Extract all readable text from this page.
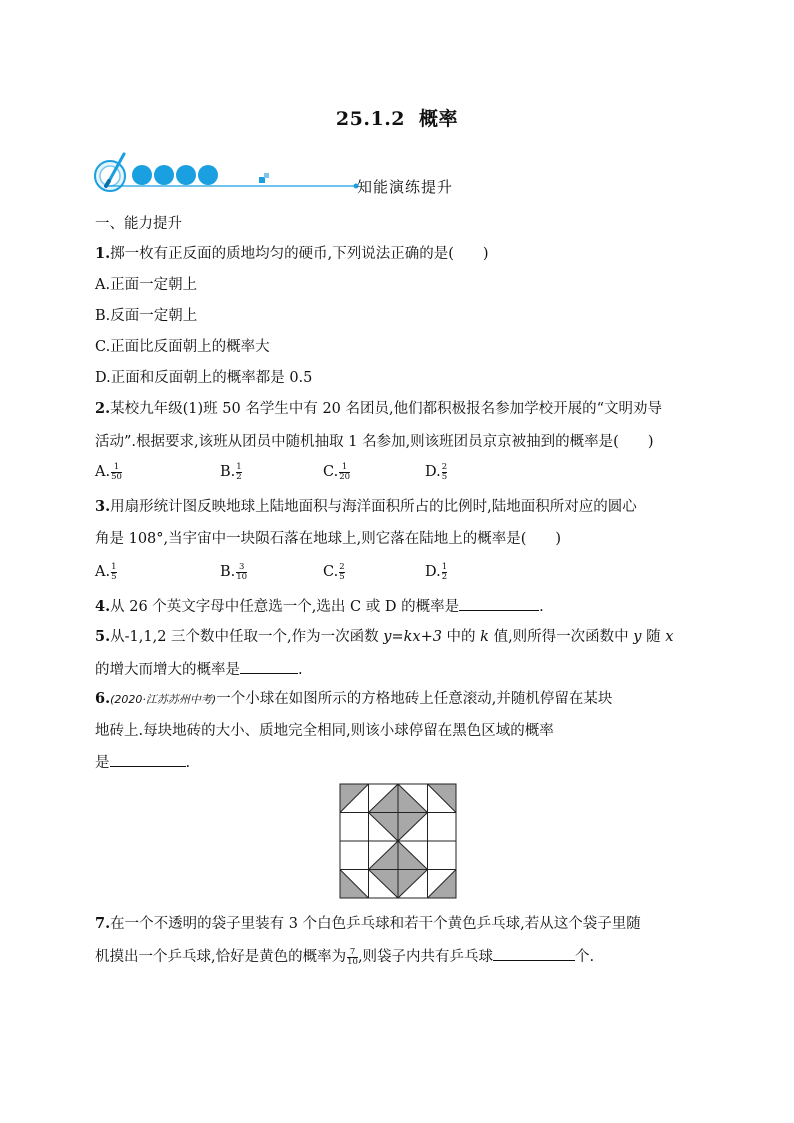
25.1.2 概率
知能演练提升
一、能力提升
1.掷一枚有正反面的质地均匀的硬币,下列说法正确的是(　　)
A.正面一定朝上
B.反面一定朝上
C.正面比反面朝上的概率大
D.正面和反面朝上的概率都是 0.5
2.某校九年级(1)班 50 名学生中有 20 名团员,他们都积极报名参加学校开展的“文明劝导
活动”.根据要求,该班从团员中随机抽取 1 名参加,则该班团员京京被抽到的概率是(　　)
A. $\frac{1}{50}$	B. $\frac{1}{2}$	C. $\frac{1}{20}$	D. $\frac{2}{5}$
3.用扇形统计图反映地球上陆地面积与海洋面积所占的比例时,陆地面积所对应的圆心
角是 108°,当宇宙中一块陨石落在地球上,则它落在陆地上的概率是(　　)
A. $\frac{1}{5}$	B. $\frac{3}{10}$	C. $\frac{2}{5}$	D. $\frac{1}{2}$
4.从 26 个英文字母中任意选一个,选出 C 或 D 的概率是	.
5.从-1,1,2 三个数中任取一个,作为一次函数 y=kx+3 中的 k 值,则所得一次函数中 y 随 x
的增大而增大的概率是	.
6.(2020·江苏苏州中考)一个小球在如图所示的方格地砖上任意滚动,并随机停留在某块
地砖上.每块地砖的大小、质地完全相同,则该小球停留在黑色区域的概率
是	.
7.在一个不透明的袋子里装有 3 个白色乒乓球和若干个黄色乒乓球,若从这个袋子里随
机摸出一个乒乓球,恰好是黄色的概率为 $\frac{7}{10}$ ,则袋子内共有乒乓球	个.
